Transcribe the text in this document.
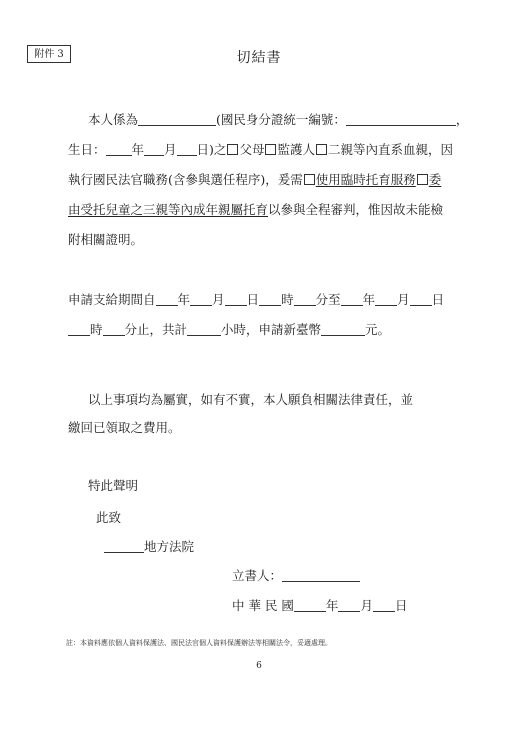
附件 3	切結書
本人係為	(國民身分證統一編號：	，
生日： 年 月 日)之 父母 監護人 二親等內直系血親，因
執行國民法官職務(含參與選任程序)，爰需 使用臨時托育服務 委
由受托兒童之三親等內成年親屬托育以參與全程審判，惟因故未能檢
附相關證明。
申請支給期間自 年 月 日 時 分至 年 月 日
時 分止，共計	小時，申請新臺幣	元。
以上事項均為屬實，如有不實，本人願負相關法律責任，並
繳回已領取之費用。
特此聲明
此致
地方法院
立書人：
中 華 民 國	年 月 日
註：本資料應依個人資料保護法、國民法官個人資料保護辦法等相關法令，妥適處理。
6
